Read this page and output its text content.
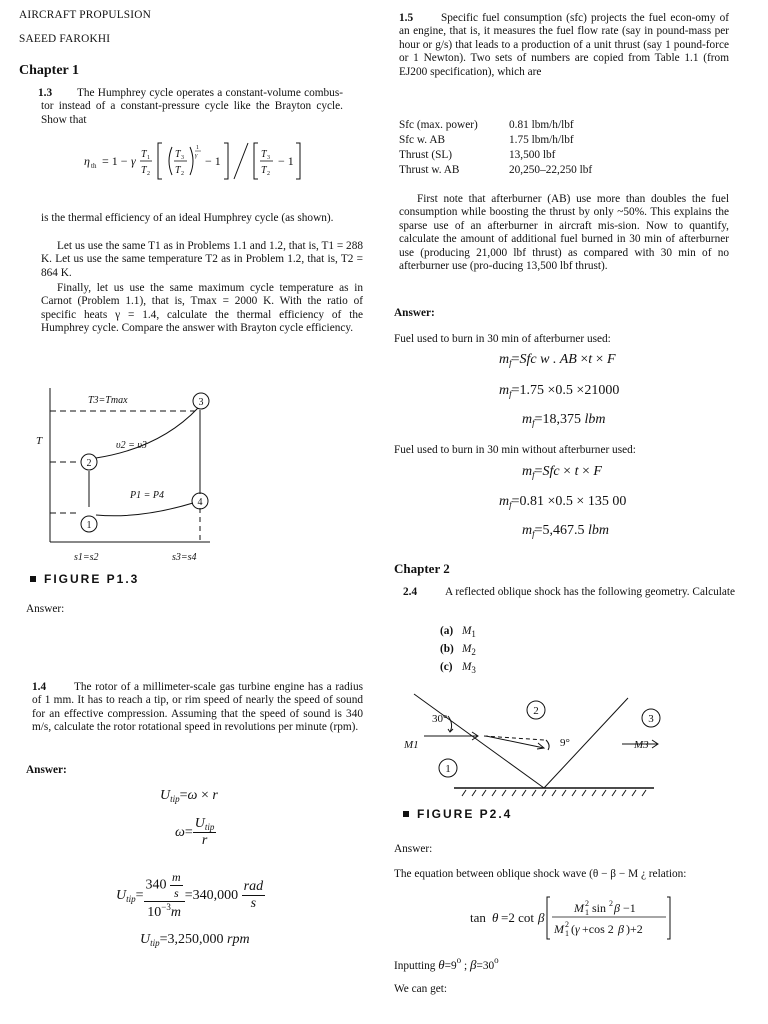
AIRCRAFT PROPULSION
SAEED FAROKHI
Chapter 1

1.3 The Humphrey cycle operates a constant-volume combus-tor instead of a constant-pressure cycle like the Brayton cycle. Show that

η th = 1 − γ T 1
T 2
T 3
T 2
1
γ − 1	T 3
T 2
− 1

is the thermal efficiency of an ideal Humphrey cycle (as shown).

Let us use the same T1 as in Problems 1.1 and 1.2, that is, T1 = 288 K. Let us use the same temperature T2 as in Problem 1.2, that is, T2 = 864 K.

Finally, let us use the same maximum cycle temperature as in Carnot (Problem 1.1), that is, Tmax = 2000 K. With the ratio of specific heats γ = 1.4, calculate the thermal efficiency of the Humphrey cycle. Compare the answer with Brayton cycle efficiency.

1
2
3
4
T3=Tmax
υ2 = υ3
P1 = P4
T
s1=s2	s3=s4
FIGURE P1.3
Answer:

1.4 The rotor of a millimeter-scale gas turbine engine has a radius of 1 mm. It has to reach a tip, or rim speed of nearly the speed of sound for an effective compression. Assuming that the speed of sound is 340 m/s, calculate the rotor rotational speed in revolutions per minute (rpm).

Answer:
$U_{tip}=\omega \times r$
$\omega= \frac{U_{tip}}{r}$
$U_{tip}= \frac{340 \frac{m}{s}}{10^{-3}m} =340,000 \frac{\text{rad}}{s}$
$U_{tip}=3,250,000$ rpm

1.5 Specific fuel consumption (sfc) projects the fuel econ-omy of an engine, that is, it measures the fuel flow rate (say in pound-mass per hour or g/s) that leads to a production of a unit thrust (say 1 pound-force or 1 Newton). Two sets of numbers are copied from Table 1.1 (from EJ200 specification), which are

Sfc (max. power)	0.81 lbm/h/lbf
Sfc w. AB	1.75 lbm/h/lbf
Thrust (SL)	13,500 lbf
Thrust w. AB	20,250–22,250 lbf

First note that afterburner (AB) use more than doubles the fuel consumption while boosting the thrust by only ~50%. This explains the sparse use of an afterburner in aircraft mis-sion. Now to quantify, calculate the amount of additional fuel burned in 30 min of afterburner use (producing 21,000 lbf thrust) as compared with 30 min of no afterburner use (pro-ducing 13,500 lbf thrust).

Answer:
Fuel used to burn in 30 min of afterburner used:
$m_f=Sfc$ w . AB ×t × F
$m_f=1.75 \times 0.5 \times 21000$
$m_f=18,375$ lbm
Fuel used to burn in 30 min without afterburner used:
$m_f=Sfc \times t \times F$
$m_f=0.81 \times 0.5 \times 135$ 00
$m_f=5,467.5$ lbm
Chapter 2

2.4 A reflected oblique shock has the following geometry. Calculate

(a) $M_1$
(b) $M_2$
(c) $M_3$
30°
9°
M1	M3
1
2
3
FIGURE P2.4
Answer:
The equation between oblique shock wave (θ − β − M ¿ relation:
tan θ =2 cot β
M 2
1 sin 2 β −1
M 2
1 ( γ +cos 2 β )+2
Inputting $\theta=9^o$ ; $\beta=30^o$
We can get:
